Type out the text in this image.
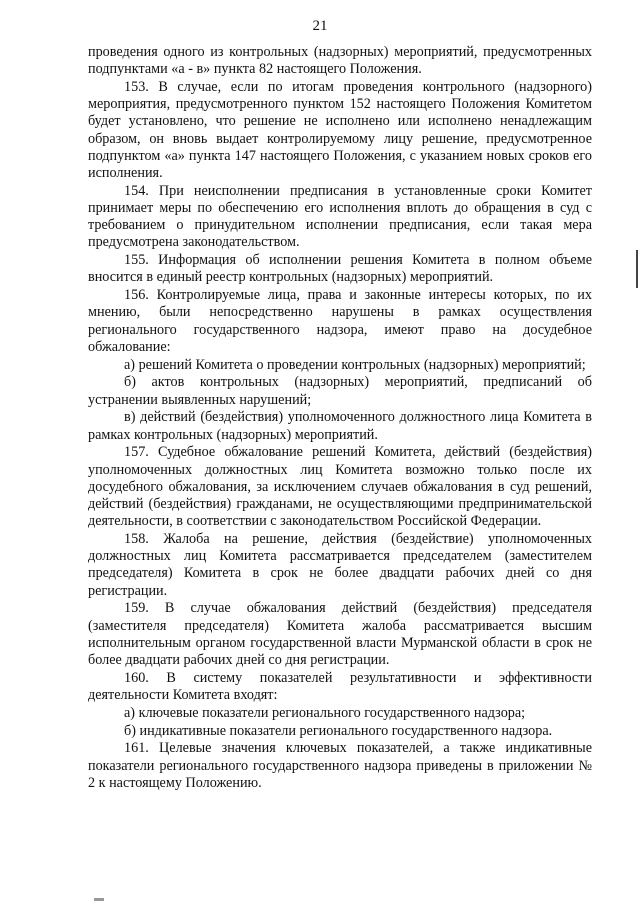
21

проведения одного из контрольных (надзорных) мероприятий, предусмотренных подпунктами «а - в» пункта 82 настоящего Положения.

153. В случае, если по итогам проведения контрольного (надзорного) мероприятия, предусмотренного пунктом 152 настоящего Положения Комитетом будет установлено, что решение не исполнено или исполнено ненадлежащим образом, он вновь выдает контролируемому лицу решение, предусмотренное подпунктом «а» пункта 147 настоящего Положения, с указанием новых сроков его исполнения.

154. При неисполнении предписания в установленные сроки Комитет принимает меры по обеспечению его исполнения вплоть до обращения в суд с требованием о принудительном исполнении предписания, если такая мера предусмотрена законодательством.

155. Информация об исполнении решения Комитета в полном объеме вносится в единый реестр контрольных (надзорных) мероприятий.

156. Контролируемые лица, права и законные интересы которых, по их мнению, были непосредственно нарушены в рамках осуществления регионального государственного надзора, имеют право на досудебное обжалование:

а) решений Комитета о проведении контрольных (надзорных) мероприятий;

б) актов контрольных (надзорных) мероприятий, предписаний об устранении выявленных нарушений;

в) действий (бездействия) уполномоченного должностного лица Комитета в рамках контрольных (надзорных) мероприятий.

157. Судебное обжалование решений Комитета, действий (бездействия) уполномоченных должностных лиц Комитета возможно только после их досудебного обжалования, за исключением случаев обжалования в суд решений, действий (бездействия) гражданами, не осуществляющими предпринимательской деятельности, в соответствии с законодательством Российской Федерации.

158. Жалоба на решение, действия (бездействие) уполномоченных должностных лиц Комитета рассматривается председателем (заместителем председателя) Комитета в срок не более двадцати рабочих дней со дня регистрации.

159. В случае обжалования действий (бездействия) председателя (заместителя председателя) Комитета жалоба рассматривается высшим исполнительным органом государственной власти Мурманской области в срок не более двадцати рабочих дней со дня регистрации.

160. В систему показателей результативности и эффективности деятельности Комитета входят:

а) ключевые показатели регионального государственного надзора;

б) индикативные показатели регионального государственного надзора.

161. Целевые значения ключевых показателей, а также индикативные показатели регионального государственного надзора приведены в приложении № 2 к настоящему Положению.
